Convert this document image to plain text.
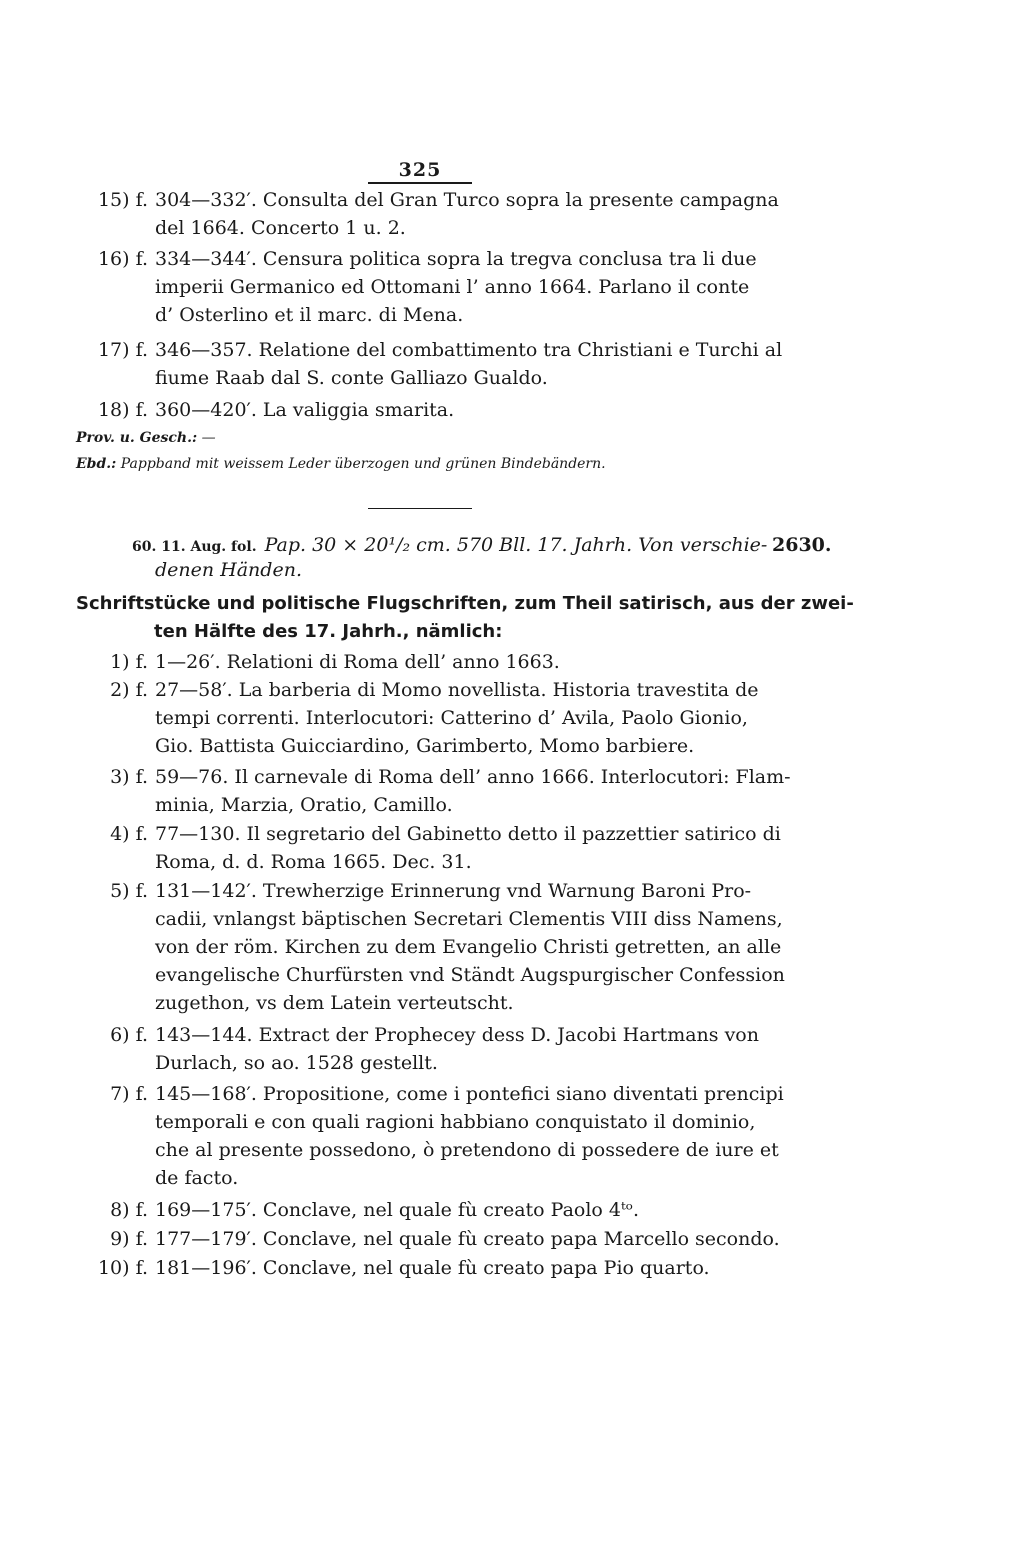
325
15) f. 304—332′. Consulta del Gran Turco sopra la presente campagna
del 1664. Concerto 1 u. 2.
16) f. 334—344′. Censura politica sopra la tregva conclusa tra li due
imperii Germanico ed Ottomani l’ anno 1664. Parlano il conte
d’ Osterlino et il marc. di Mena.
17) f. 346—357. Relatione del combattimento tra Christiani e Turchi al
fiume Raab dal S. conte Galliazo Gualdo.
18) f. 360—420′. La valiggia smarita.
Prov. u. Gesch.: —
Ebd.: Pappband mit weissem Leder überzogen und grünen Bindebändern.
60. 11. Aug. fol. Pap. 30 × 20¹/₂ cm. 570 Bll. 17. Jahrh. Von verschie-
denen Händen.
2630.
Schriftstücke und politische Flugschriften, zum Theil satirisch, aus der zwei-
ten Hälfte des 17. Jahrh., nämlich:
1) f. 1—26′. Relationi di Roma dell’ anno 1663.
2) f. 27—58′. La barberia di Momo novellista. Historia travestita de
tempi correnti. Interlocutori: Catterino d’ Avila, Paolo Gionio,
Gio. Battista Guicciardino, Garimberto, Momo barbiere.
3) f. 59—76. Il carnevale di Roma dell’ anno 1666. Interlocutori: Flam-
minia, Marzia, Oratio, Camillo.
4) f. 77—130. Il segretario del Gabinetto detto il pazzettier satirico di
Roma, d. d. Roma 1665. Dec. 31.
5) f. 131—142′. Trewherzige Erinnerung vnd Warnung Baroni Pro-
cadii, vnlangst bäptischen Secretari Clementis VIII diss Namens,
von der röm. Kirchen zu dem Evangelio Christi getretten, an alle
evangelische Churfürsten vnd Ständt Augspurgischer Confession
zugethon, vs dem Latein verteutscht.
6) f. 143—144. Extract der Prophecey dess D. Jacobi Hartmans von
Durlach, so ao. 1528 gestellt.
7) f. 145—168′. Propositione, come i pontefici siano diventati prencipi
temporali e con quali ragioni habbiano conquistato il dominio,
che al presente possedono, ò pretendono di possedere de iure et
de facto.
8) f. 169—175′. Conclave, nel quale fù creato Paolo 4ᵗᵒ.
9) f. 177—179′. Conclave, nel quale fù creato papa Marcello secondo.
10) f. 181—196′. Conclave, nel quale fù creato papa Pio quarto.
